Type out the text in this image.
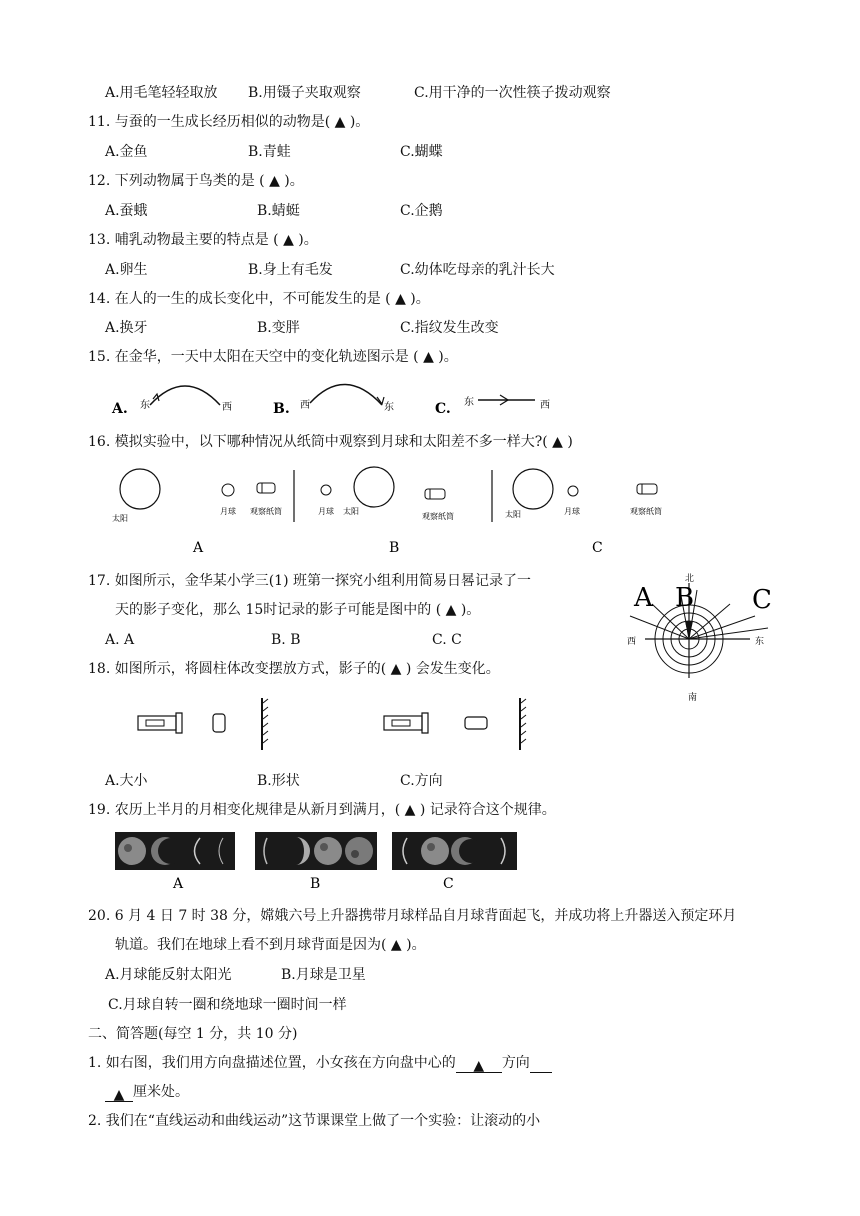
A.用毛笔轻轻取放 B.用镊子夹取观察	C.用干净的一次性筷子拨动观察
11. 与蚕的一生成长经历相似的动物是( ▲ )。
A.金鱼	B.青蛙	C.蝴蝶
12. 下列动物属于鸟类的是 ( ▲ )。
A.蚕蛾	B.蜻蜓	C.企鹅
13. 哺乳动物最主要的特点是 ( ▲ )。
A.卵生	B.身上有毛发	C.幼体吃母亲的乳汁长大
14. 在人的一生的成长变化中，不可能发生的是 ( ▲ )。
A.换牙	B.变胖	C.指纹发生改变
15. 在金华，一天中太阳在天空中的变化轨迹图示是 ( ▲ )。
A. 东	西	B. 西	东	C. 东	西
16. 模拟实验中，以下哪种情况从纸筒中观察到月球和太阳差不多一样大?( ▲ )
太阳
月球 观察纸筒
A
月球 太阳
观察纸筒
B
太阳	月球	观察纸筒
C
17. 如图所示，金华某小学三(1) 班第一探究小组利用简易日晷记录了一
天的影子变化，那么 15时记录的影子可能是图中的 ( ▲ )。
A. A	B. B	C. C
北
南
东
西
A B C
18. 如图所示，将圆柱体改变摆放方式，影子的( ▲ ) 会发生变化。
A.大小	B.形状	C.方向
19. 农历上半月的月相变化规律是从新月到满月，( ▲ ) 记录符合这个规律。
A	B	C
20. 6 月 4 日 7 时 38 分，嫦娥六号上升器携带月球样品自月球背面起飞，并成功将上升器送入预定环月
轨道。我们在地球上看不到月球背面是因为( ▲ )。
A.月球能反射太阳光	B.月球是卫星
C.月球自转一圈和绕地球一圈时间一样
二、简答题(每空 1 分，共 10 分)
1. 如右图，我们用方向盘描述位置，小女孩在方向盘中心的 ▲ 方向
▲ 厘米处。
2. 我们在“直线运动和曲线运动”这节课课堂上做了一个实验：让滚动的小
